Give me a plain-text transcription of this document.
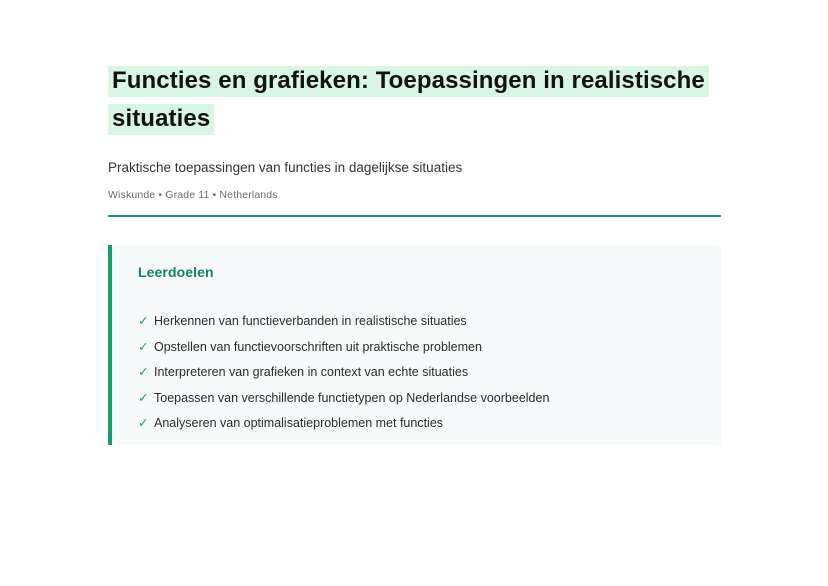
Functies en grafieken: Toepassingen in realistische situaties

Praktische toepassingen van functies in dagelijkse situaties

Wiskunde • Grade 11 • Netherlands

Leerdoelen
✓ Herkennen van functieverbanden in realistische situaties
✓ Opstellen van functievoorschriften uit praktische problemen
✓ Interpreteren van grafieken in context van echte situaties
✓ Toepassen van verschillende functietypen op Nederlandse voorbeelden
✓ Analyseren van optimalisatieproblemen met functies
